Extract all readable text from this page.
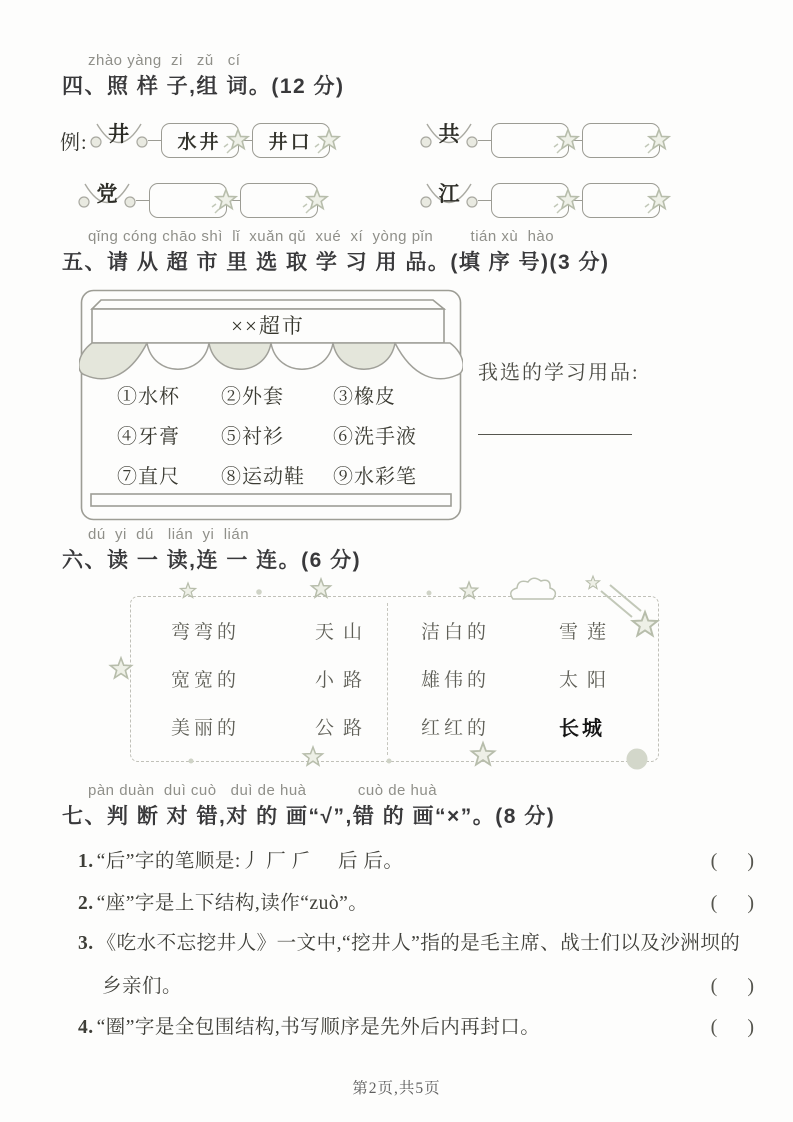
zhào yàng  zi   zǔ   cí
四、照 样 子,组 词。(12 分)
例: 井	水井 井口	共
党	江
qǐng cóng chāo shì  lǐ  xuǎn qǔ  xué  xí  yòng pǐn        tián xù  hào
五、请 从 超 市 里 选 取 学 习 用 品。(填 序 号)(3 分)
××超市
①水杯	②外套	③橡皮
④牙膏	⑤衬衫	⑥洗手液
⑦直尺	⑧运动鞋	⑨水彩笔
我选的学习用品:
dú  yi  dú   lián  yi  lián
六、读 一 读,连 一 连。(6 分)
弯弯的
宽宽的
美丽的
天山
小路
公路
洁白的
雄伟的
红红的
雪莲
太阳
长城
pàn duàn  duì cuò   duì de huà           cuò de huà
七、判 断 对 错,对 的 画“√”,错 的 画“×”。(8 分)
1. “后”字的笔顺是:丿 厂 𠂆 𠂋 后 后。	(      )
2. “座”字是上下结构,读作“zuò”。	(      )
3. 《吃水不忘挖井人》一文中,“挖井人”指的是毛主席、战士们以及沙洲坝的乡亲们。	(      )
4. “圈”字是全包围结构,书写顺序是先外后内再封口。	(      )
第2页,共5页
